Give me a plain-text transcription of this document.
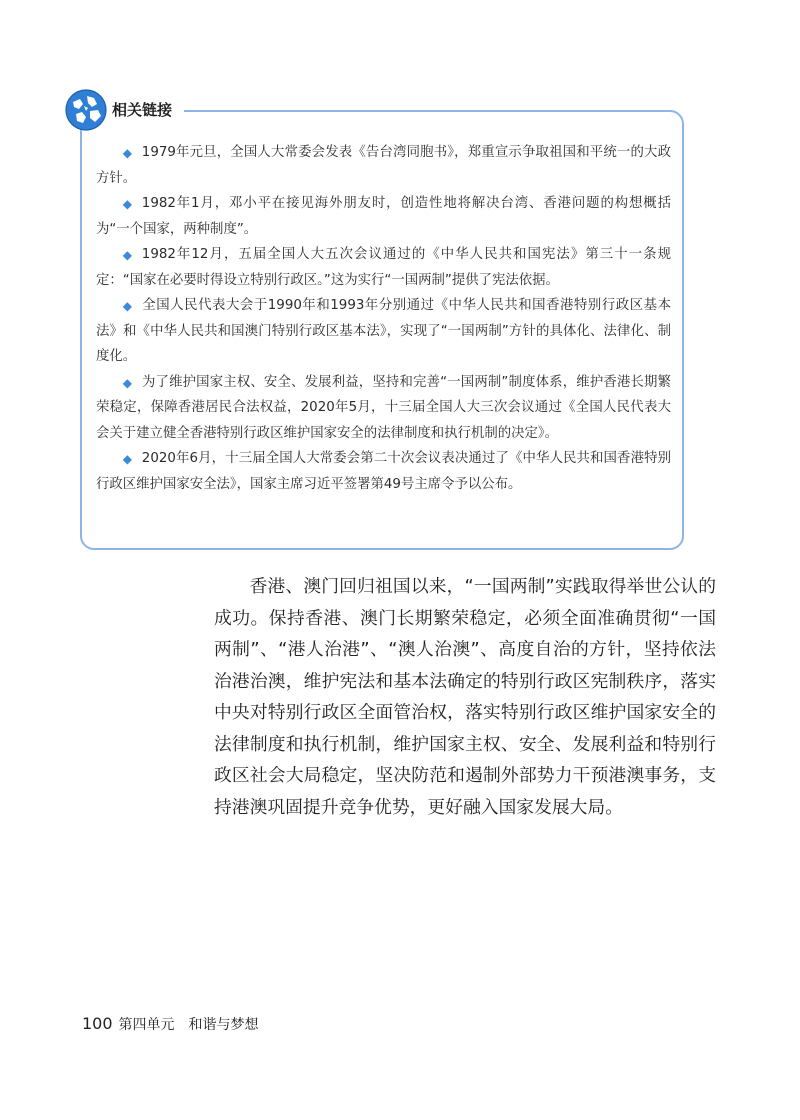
相关链接

◆ 1979年元旦，全国人大常委会发表《告台湾同胞书》，郑重宣示争取祖国和平统一的大政方针。

◆ 1982年1月，邓小平在接见海外朋友时，创造性地将解决台湾、香港问题的构想概括为“一个国家，两种制度”。

◆ 1982年12月，五届全国人大五次会议通过的《中华人民共和国宪法》第三十一条规定：“国家在必要时得设立特别行政区。”这为实行“一国两制”提供了宪法依据。

◆ 全国人民代表大会于1990年和1993年分别通过《中华人民共和国香港特别行政区基本法》和《中华人民共和国澳门特别行政区基本法》，实现了“一国两制”方针的具体化、法律化、制度化。

◆ 为了维护国家主权、安全、发展利益，坚持和完善“一国两制”制度体系，维护香港长期繁荣稳定，保障香港居民合法权益，2020年5月，十三届全国人大三次会议通过《全国人民代表大会关于建立健全香港特别行政区维护国家安全的法律制度和执行机制的决定》。

◆ 2020年6月，十三届全国人大常委会第二十次会议表决通过了《中华人民共和国香港特别行政区维护国家安全法》，国家主席习近平签署第49号主席令予以公布。

香港、澳门回归祖国以来，“一国两制”实践取得举世公认的成功。保持香港、澳门长期繁荣稳定，必须全面准确贯彻“一国两制”、“港人治港”、“澳人治澳”、高度自治的方针，坚持依法治港治澳，维护宪法和基本法确定的特别行政区宪制秩序，落实中央对特别行政区全面管治权，落实特别行政区维护国家安全的法律制度和执行机制，维护国家主权、安全、发展利益和特别行政区社会大局稳定，坚决防范和遏制外部势力干预港澳事务，支持港澳巩固提升竞争优势，更好融入国家发展大局。

100 第四单元 和谐与梦想
